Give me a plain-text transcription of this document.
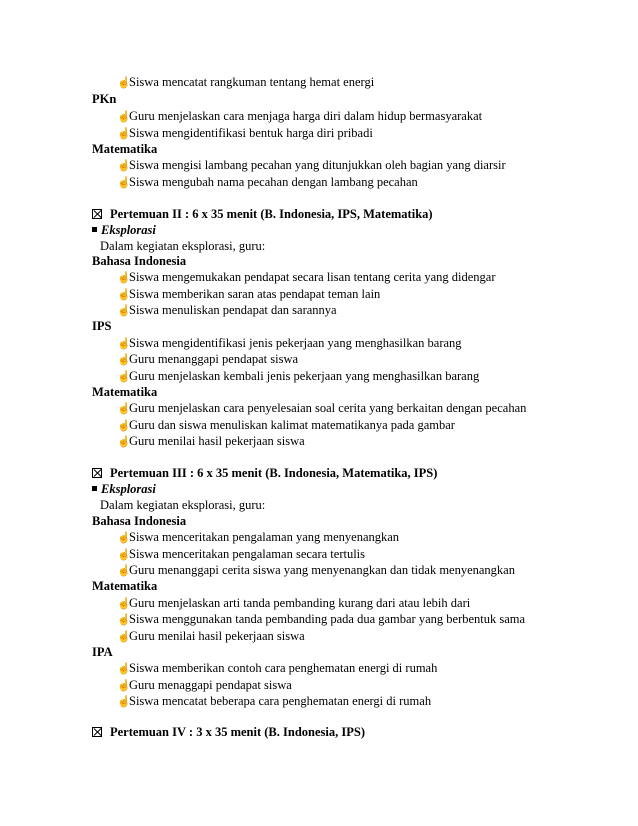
☝Siswa mencatat rangkuman tentang hemat energi
PKn
☝Guru menjelaskan cara menjaga harga diri dalam hidup bermasyarakat
☝Siswa mengidentifikasi bentuk harga diri pribadi
Matematika
☝Siswa mengisi lambang pecahan yang ditunjukkan oleh bagian yang diarsir
☝Siswa mengubah nama pecahan dengan lambang pecahan
Pertemuan II : 6 x 35 menit (B. Indonesia, IPS, Matematika)
Eksplorasi
Dalam kegiatan eksplorasi, guru:
Bahasa Indonesia
☝Siswa mengemukakan pendapat secara lisan tentang cerita yang didengar
☝Siswa memberikan saran atas pendapat teman lain
☝Siswa menuliskan pendapat dan sarannya
IPS
☝Siswa mengidentifikasi jenis pekerjaan yang menghasilkan barang
☝Guru menanggapi pendapat siswa
☝Guru menjelaskan kembali jenis pekerjaan yang menghasilkan barang
Matematika
☝Guru menjelaskan cara penyelesaian soal cerita yang berkaitan dengan pecahan
☝Guru dan siswa menuliskan kalimat matematikanya pada gambar
☝Guru menilai hasil pekerjaan siswa
Pertemuan III : 6 x 35 menit (B. Indonesia, Matematika, IPS)
Eksplorasi
Dalam kegiatan eksplorasi, guru:
Bahasa Indonesia
☝Siswa menceritakan pengalaman yang menyenangkan
☝Siswa menceritakan pengalaman secara tertulis
☝Guru menanggapi cerita siswa yang menyenangkan dan tidak menyenangkan
Matematika
☝Guru menjelaskan arti tanda pembanding kurang dari atau lebih dari
☝Siswa menggunakan tanda pembanding pada dua gambar yang berbentuk sama
☝Guru menilai hasil pekerjaan siswa
IPA
☝Siswa memberikan contoh cara penghematan energi di rumah
☝Guru menaggapi pendapat siswa
☝Siswa mencatat beberapa cara penghematan energi di rumah
Pertemuan IV : 3 x 35 menit (B. Indonesia, IPS)
